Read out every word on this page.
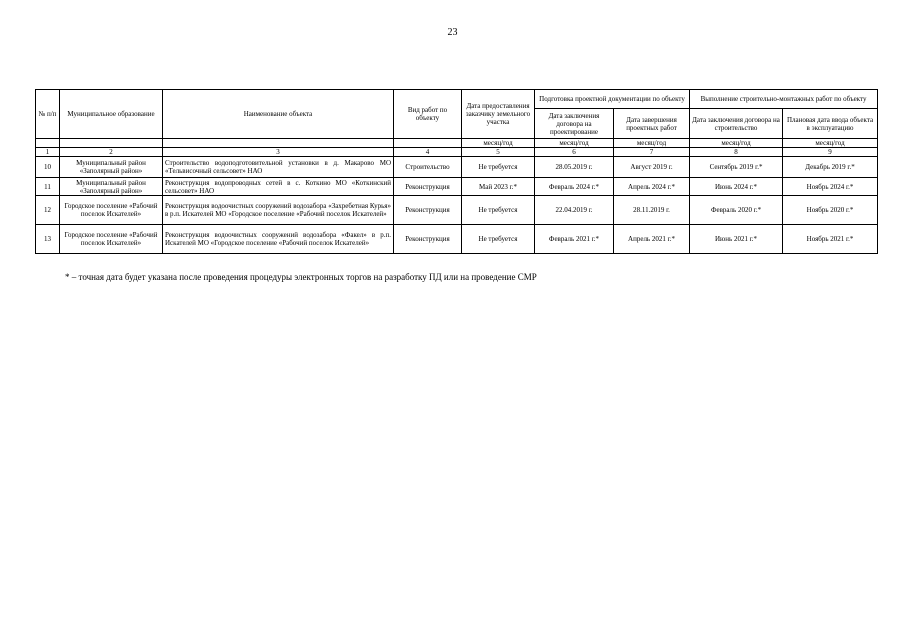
23
№ п/п	Муниципальное образование	Наименование объекта	Вид работ по объекту	Дата предоставления заказчику земельного участка	Подготовка проектной документации по объекту		Выполнение строительно-монтажных работ по объекту	
					Дата заключения договора на проектирование	Дата завершения проектных работ	Дата заключения договора на строительство	Плановая дата ввода объекта в эксплуатацию
				месяц/год	месяц/год	месяц/год	месяц/год	месяц/год
1	2	3	4	5	6	7	8	9
10	Муниципальный район «Заполярный район»	Строительство водоподготовительной установки в д. Макарово МО «Тельвисочный сельсовет» НАО	Строительство	Не требуется	28.05.2019 г.	Август 2019 г.	Сентябрь 2019 г.*	Декабрь 2019 г.*
11	Муниципальный район «Заполярный район»	Реконструкция водопроводных сетей в с. Коткино МО «Коткинский сельсовет» НАО	Реконструкция	Май 2023 г.*	Февраль 2024 г.*	Апрель 2024 г.*	Июнь 2024 г.*	Ноябрь 2024 г.*
12	Городское поселение «Рабочий поселок Искателей»	Реконструкция водоочистных сооружений водозабора «Захребетная Курья» в р.п. Искателей МО «Городское поселение «Рабочий поселок Искателей»	Реконструкция	Не требуется	22.04.2019 г.	28.11.2019 г.	Февраль 2020 г.*	Ноябрь 2020 г.*
13	Городское поселение «Рабочий поселок Искателей»	Реконструкция водоочистных сооружений водозабора «Факел» в р.п. Искателей МО «Городское поселение «Рабочий поселок Искателей»	Реконструкция	Не требуется	Февраль 2021 г.*	Апрель 2021 г.*	Июнь 2021 г.*	Ноябрь 2021 г.*
* – точная дата будет указана после проведения процедуры электронных торгов на разработку ПД или на проведение СМР
